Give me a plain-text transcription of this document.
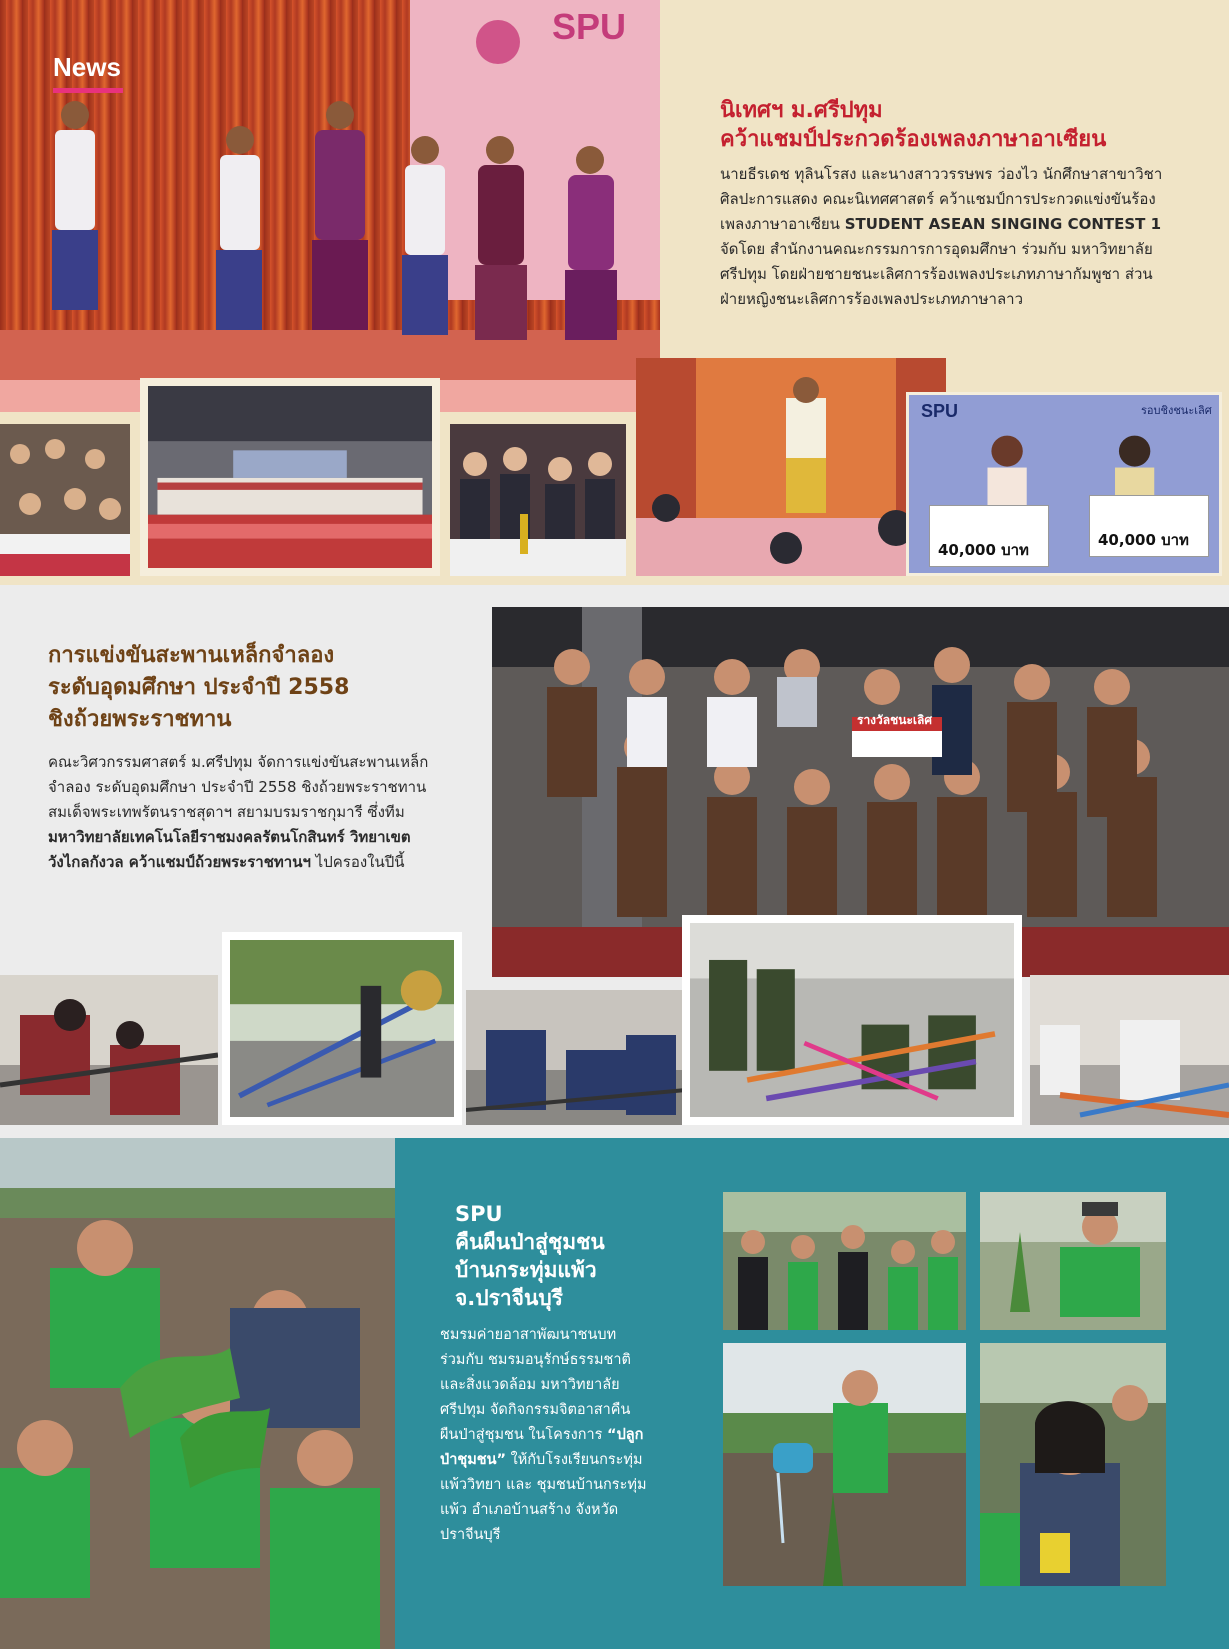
SPU
News
นิเทศฯ ม.ศรีปทุม
คว้าแชมป์ประกวดร้องเพลงภาษาอาเซียน
นายธีรเดช ทุลินโรสง และนางสาววรรษพร ว่องไว นักศึกษาสาขาวิชา
ศิลปะการแสดง คณะนิเทศศาสตร์ คว้าแชมป์การประกวดแข่งขันร้อง
เพลงภาษาอาเซียน STUDENT ASEAN SINGING CONTEST 1
จัดโดย สำนักงานคณะกรรมการการอุดมศึกษา ร่วมกับ มหาวิทยาลัย
ศรีปทุม โดยฝ่ายชายชนะเลิศการร้องเพลงประเภทภาษากัมพูชา ส่วน
ฝ่ายหญิงชนะเลิศการร้องเพลงประเภทภาษาลาว
SPU	รอบชิงชนะเลิศ
40,000 บาท
40,000 บาท
การแข่งขันสะพานเหล็กจำลอง
ระดับอุดมศึกษา ประจำปี 2558
ชิงถ้วยพระราชทาน
คณะวิศวกรรมศาสตร์ ม.ศรีปทุม จัดการแข่งขันสะพานเหล็ก
จำลอง ระดับอุดมศึกษา ประจำปี 2558 ชิงถ้วยพระราชทาน
สมเด็จพระเทพรัตนราชสุดาฯ สยามบรมราชกุมารี ซึ่งทีม
มหาวิทยาลัยเทคโนโลยีราชมงคลรัตนโกสินทร์ วิทยาเขต
วังไกลกังวล คว้าแชมป์ถ้วยพระราชทานฯ ไปครองในปีนี้
รางวัลชนะเลิศ
SPU
คืนผืนป่าสู่ชุมชน
บ้านกระทุ่มแพ้ว
จ.ปราจีนบุรี
ชมรมค่ายอาสาพัฒนาชนบท
ร่วมกับ ชมรมอนุรักษ์ธรรมชาติ
และสิ่งแวดล้อม มหาวิทยาลัย
ศรีปทุม จัดกิจกรรมจิตอาสาคืน
ผืนป่าสู่ชุมชน ในโครงการ “ปลูก
ป่าชุมชน” ให้กับโรงเรียนกระทุ่ม
แพ้ววิทยา และ ชุมชนบ้านกระทุ่ม
แพ้ว อำเภอบ้านสร้าง จังหวัด
ปราจีนบุรี
